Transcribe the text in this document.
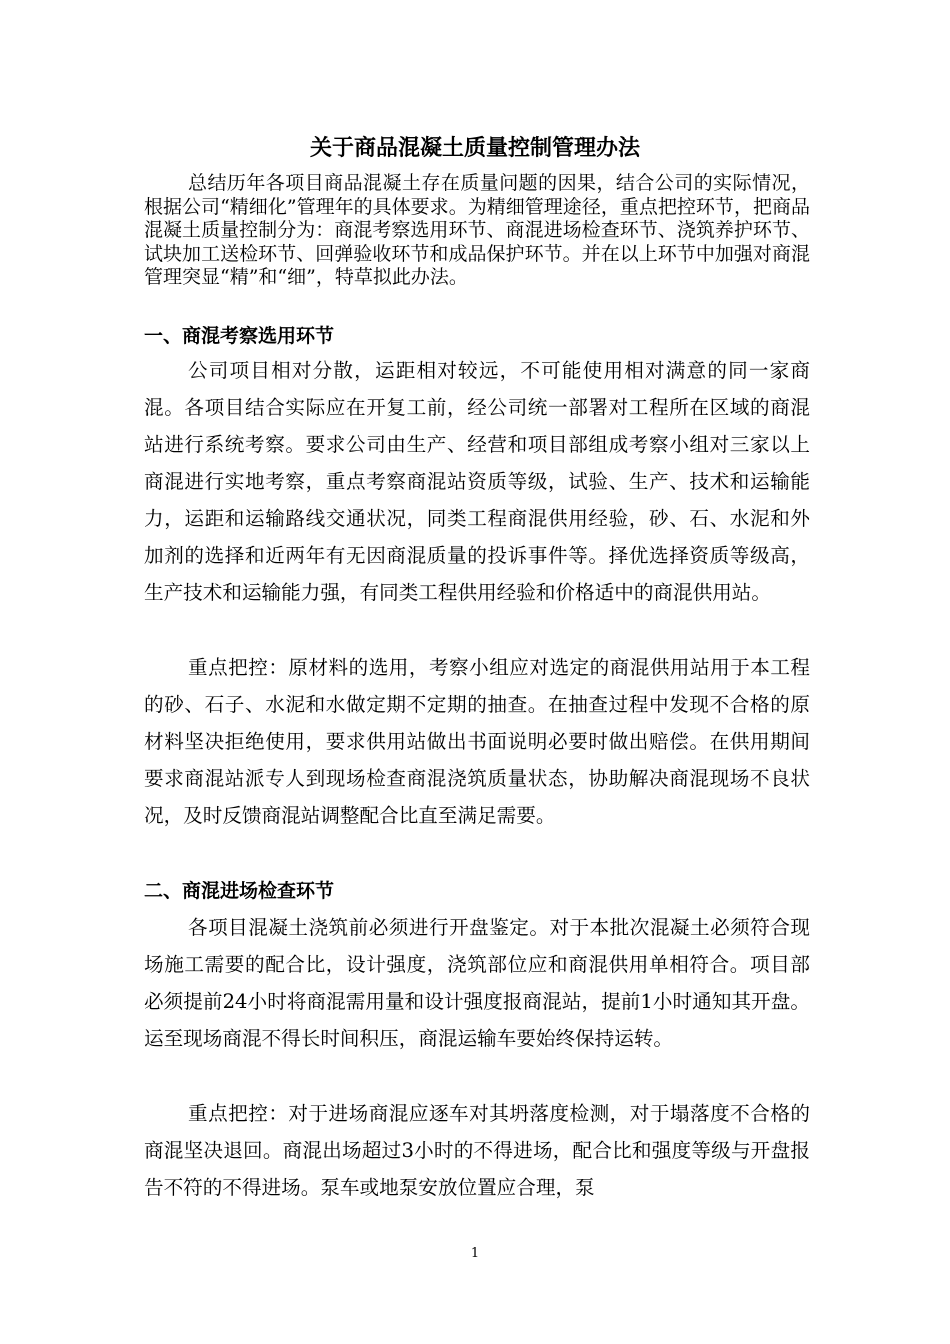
关于商品混凝土质量控制管理办法

总结历年各项目商品混凝土存在质量问题的因果，结合公司的实际情况，根据公司“精细化”管理年的具体要求。为精细管理途径，重点把控环节，把商品混凝土质量控制分为：商混考察选用环节、商混进场检查环节、浇筑养护环节、试块加工送检环节、回弹验收环节和成品保护环节。并在以上环节中加强对商混管理突显“精”和“细”，特草拟此办法。

一、商混考察选用环节

公司项目相对分散，运距相对较远，不可能使用相对满意的同一家商混。各项目结合实际应在开复工前，经公司统一部署对工程所在区域的商混站进行系统考察。要求公司由生产、经营和项目部组成考察小组对三家以上商混进行实地考察，重点考察商混站资质等级，试验、生产、技术和运输能力，运距和运输路线交通状况，同类工程商混供用经验，砂、石、水泥和外加剂的选择和近两年有无因商混质量的投诉事件等。择优选择资质等级高，生产技术和运输能力强，有同类工程供用经验和价格适中的商混供用站。

重点把控：原材料的选用，考察小组应对选定的商混供用站用于本工程的砂、石子、水泥和水做定期不定期的抽查。在抽查过程中发现不合格的原材料坚决拒绝使用，要求供用站做出书面说明必要时做出赔偿。在供用期间要求商混站派专人到现场检查商混浇筑质量状态，协助解决商混现场不良状况，及时反馈商混站调整配合比直至满足需要。

二、商混进场检查环节

各项目混凝土浇筑前必须进行开盘鉴定。对于本批次混凝土必须符合现场施工需要的配合比，设计强度，浇筑部位应和商混供用单相符合。项目部必须提前24小时将商混需用量和设计强度报商混站，提前1小时通知其开盘。运至现场商混不得长时间积压，商混运输车要始终保持运转。

重点把控：对于进场商混应逐车对其坍落度检测，对于塌落度不合格的商混坚决退回。商混出场超过3小时的不得进场，配合比和强度等级与开盘报告不符的不得进场。泵车或地泵安放位置应合理，泵

1
